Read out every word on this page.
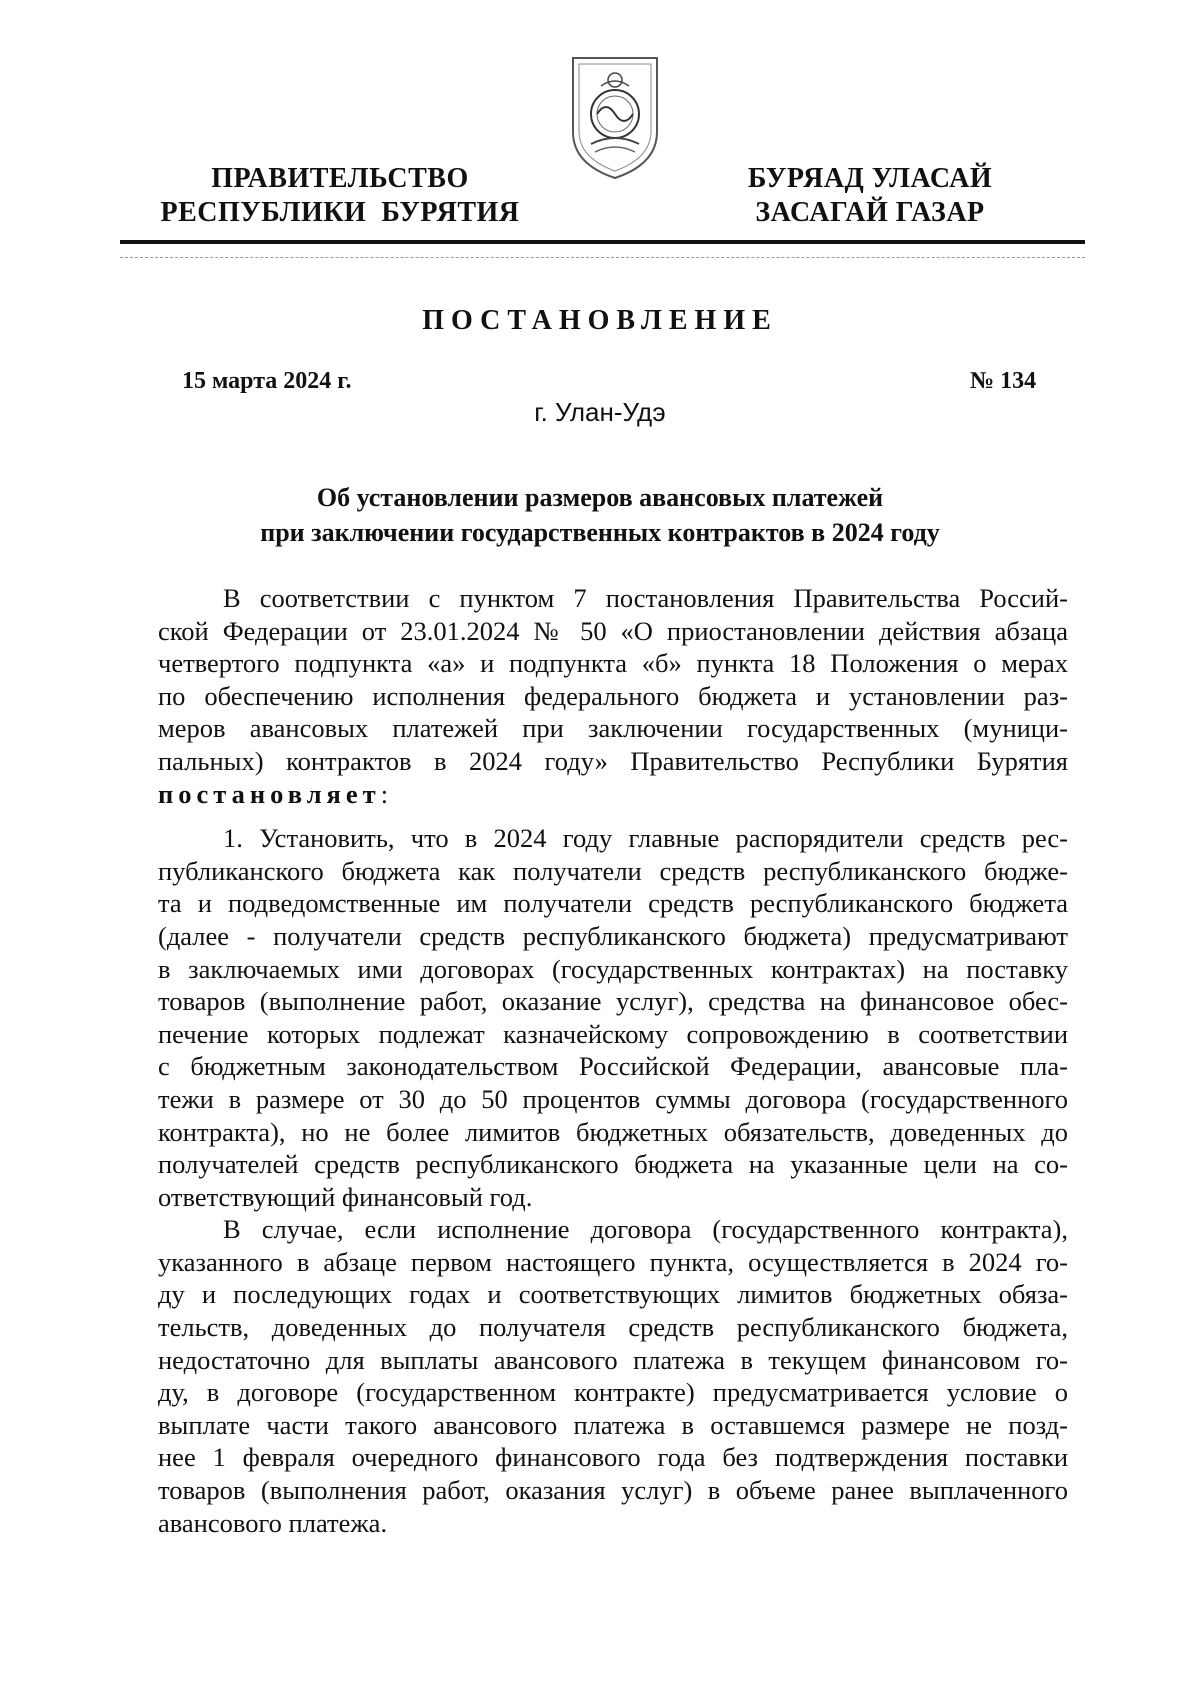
ПРАВИТЕЛЬСТВО
РЕСПУБЛИКИ  БУРЯТИЯ
БУРЯАД УЛАСАЙ
ЗАСАГАЙ ГАЗАР
ПОСТАНОВЛЕНИЕ
15 марта 2024 г.	№ 134
г. Улан-Удэ
Об установлении размеров авансовых платежей
при заключении государственных контрактов в 2024 году
В соответствии с пунктом 7 постановления Правительства Россий-
ской Федерации от 23.01.2024 № 50 «О приостановлении действия абзаца
четвертого подпункта «а» и подпункта «б» пункта 18 Положения о мерах
по обеспечению исполнения федерального бюджета и установлении раз-
меров авансовых платежей при заключении государственных (муници-
пальных) контрактов в 2024 году» Правительство Республики Бурятия
постановляет:
1. Установить, что в 2024 году главные распорядители средств рес-
публиканского бюджета как получатели средств республиканского бюдже-
та и подведомственные им получатели средств республиканского бюджета
(далее - получатели средств республиканского бюджета) предусматривают
в заключаемых ими договорах (государственных контрактах) на поставку
товаров (выполнение работ, оказание услуг), средства на финансовое обес-
печение которых подлежат казначейскому сопровождению в соответствии
с бюджетным законодательством Российской Федерации, авансовые пла-
тежи в размере от 30 до 50 процентов суммы договора (государственного
контракта), но не более лимитов бюджетных обязательств, доведенных до
получателей средств республиканского бюджета на указанные цели на со-
ответствующий финансовый год.
В случае, если исполнение договора (государственного контракта),
указанного в абзаце первом настоящего пункта, осуществляется в 2024 го-
ду и последующих годах и соответствующих лимитов бюджетных обяза-
тельств, доведенных до получателя средств республиканского бюджета,
недостаточно для выплаты авансового платежа в текущем финансовом го-
ду, в договоре (государственном контракте) предусматривается условие о
выплате части такого авансового платежа в оставшемся размере не позд-
нее 1 февраля очередного финансового года без подтверждения поставки
товаров (выполнения работ, оказания услуг) в объеме ранее выплаченного
авансового платежа.
